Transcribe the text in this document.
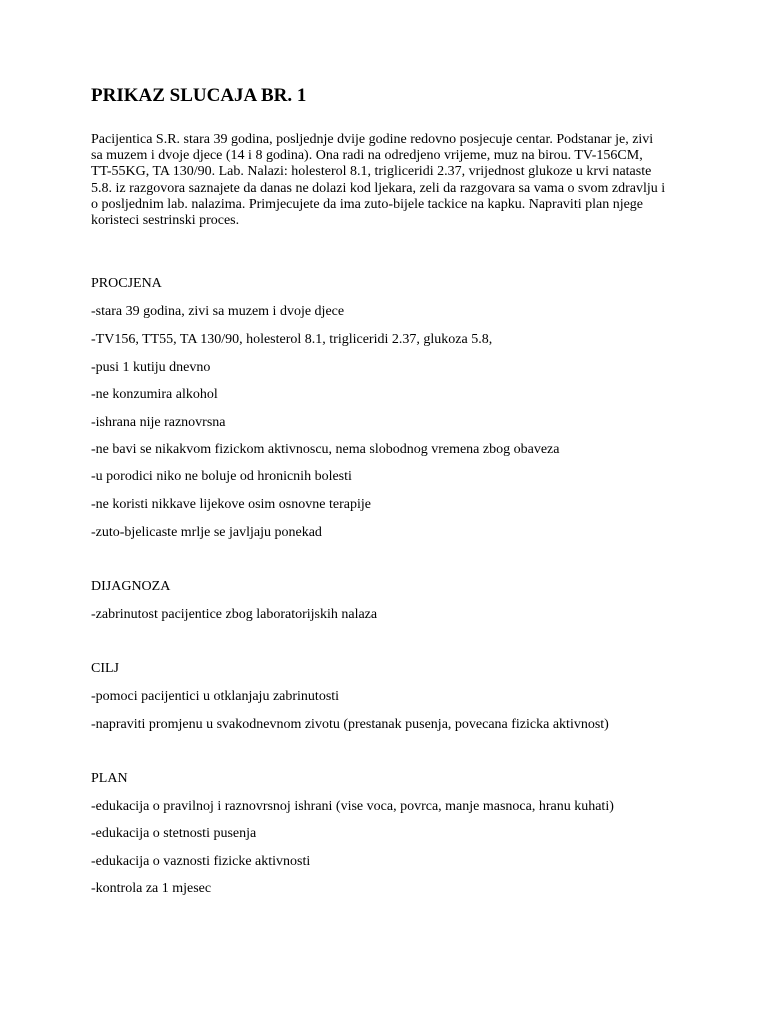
PRIKAZ SLUCAJA BR. 1
Pacijentica S.R. stara 39 godina, posljednje dvije godine redovno posjecuje centar. Podstanar je, zivi
sa muzem i dvoje djece (14 i 8 godina). Ona radi na odredjeno vrijeme, muz na birou. TV-156CM,
TT-55KG, TA 130/90. Lab. Nalazi: holesterol 8.1, trigliceridi 2.37, vrijednost glukoze u krvi nataste
5.8. iz razgovora saznajete da danas ne dolazi kod ljekara, zeli da razgovara sa vama o svom zdravlju i
o posljednim lab. nalazima. Primjecujete da ima zuto-bijele tackice na kapku. Napraviti plan njege
koristeci sestrinski proces.
PROCJENA
-stara 39 godina, zivi sa muzem i dvoje djece
-TV156, TT55, TA 130/90, holesterol 8.1, trigliceridi 2.37, glukoza 5.8,
-pusi 1 kutiju dnevno
-ne konzumira alkohol
-ishrana nije raznovrsna
-ne bavi se nikakvom fizickom aktivnoscu, nema slobodnog vremena zbog obaveza
-u porodici niko ne boluje od hronicnih bolesti
-ne koristi nikkave lijekove osim osnovne terapije
-zuto-bjelicaste mrlje se javljaju ponekad
DIJAGNOZA
-zabrinutost pacijentice zbog laboratorijskih nalaza
CILJ
-pomoci pacijentici u otklanjaju zabrinutosti
-napraviti promjenu u svakodnevnom zivotu (prestanak pusenja, povecana fizicka aktivnost)
PLAN
-edukacija o pravilnoj i raznovrsnoj ishrani (vise voca, povrca, manje masnoca, hranu kuhati)
-edukacija o stetnosti pusenja
-edukacija o vaznosti fizicke aktivnosti
-kontrola za 1 mjesec
